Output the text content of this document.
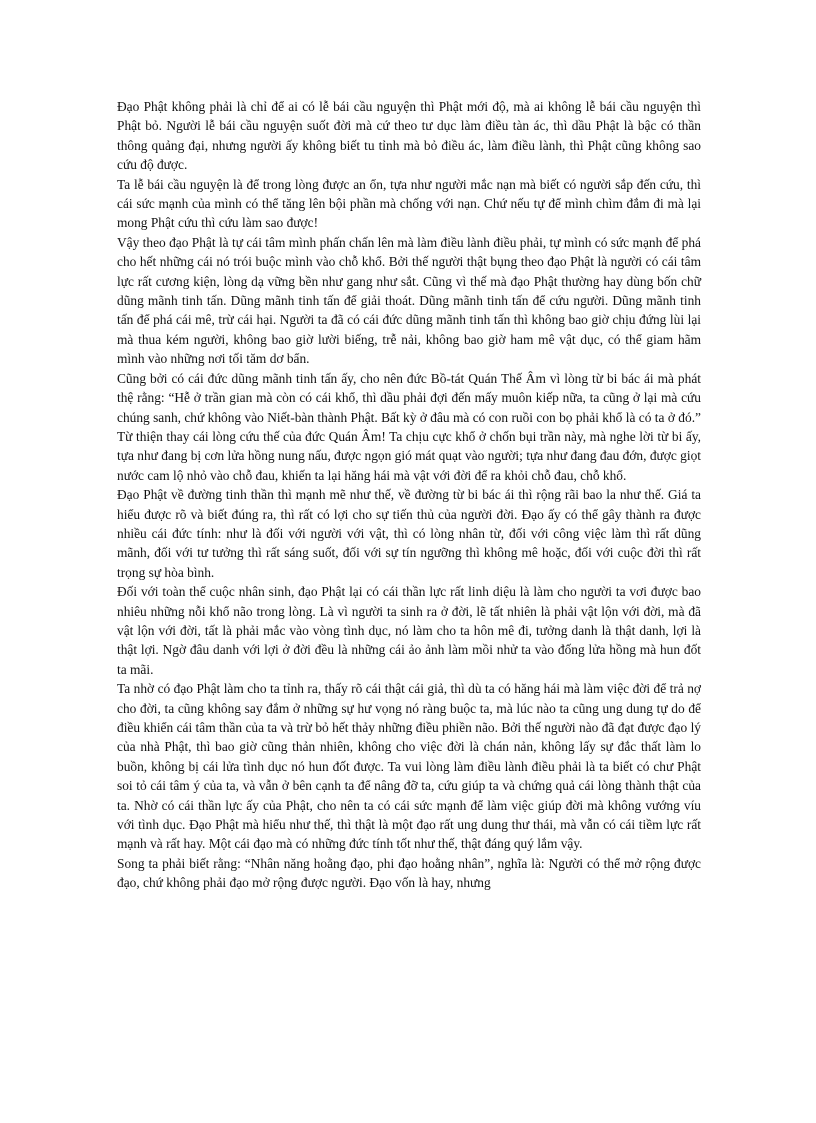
Đạo Phật không phải là chỉ để ai có lễ bái cầu nguyện thì Phật mới độ, mà ai không lễ bái cầu nguyện thì Phật bỏ. Người lễ bái cầu nguyện suốt đời mà cứ theo tư dục làm điều tàn ác, thì dầu Phật là bậc có thần thông quảng đại, nhưng người ấy không biết tu tỉnh mà bỏ điều ác, làm điều lành, thì Phật cũng không sao cứu độ được.

Ta lễ bái cầu nguyện là để trong lòng được an ổn, tựa như người mắc nạn mà biết có người sắp đến cứu, thì cái sức mạnh của mình có thể tăng lên bội phần mà chống với nạn. Chứ nếu tự để mình chìm đắm đi mà lại mong Phật cứu thì cứu làm sao được!

Vậy theo đạo Phật là tự cái tâm mình phấn chấn lên mà làm điều lành điều phải, tự mình có sức mạnh để phá cho hết những cái nó trói buộc mình vào chỗ khổ. Bởi thế người thật bụng theo đạo Phật là người có cái tâm lực rất cương kiện, lòng dạ vững bền như gang như sắt. Cũng vì thế mà đạo Phật thường hay dùng bốn chữ dũng mãnh tinh tấn. Dũng mãnh tinh tấn để giải thoát. Dũng mãnh tinh tấn để cứu người. Dũng mãnh tinh tấn để phá cái mê, trừ cái hại. Người ta đã có cái đức dũng mãnh tinh tấn thì không bao giờ chịu đứng lùi lại mà thua kém người, không bao giờ lười biếng, trễ nải, không bao giờ ham mê vật dục, có thể giam hãm mình vào những nơi tối tăm dơ bẩn.

Cũng bởi có cái đức dũng mãnh tinh tấn ấy, cho nên đức Bồ-tát Quán Thế Âm vì lòng từ bi bác ái mà phát thệ rằng: “Hễ ở trần gian mà còn có cái khổ, thì dầu phải đợi đến mấy muôn kiếp nữa, ta cũng ở lại mà cứu chúng sanh, chứ không vào Niết-bàn thành Phật. Bất kỳ ở đâu mà có con ruồi con bọ phải khổ là có ta ở đó.” Từ thiện thay cái lòng cứu thế của đức Quán Âm! Ta chịu cực khổ ở chốn bụi trần này, mà nghe lời từ bi ấy, tựa như đang bị cơn lửa hồng nung nấu, được ngọn gió mát quạt vào người; tựa như đang đau đớn, được giọt nước cam lộ nhỏ vào chỗ đau, khiến ta lại hăng hái mà vật với đời để ra khỏi chỗ đau, chỗ khổ.

Đạo Phật về đường tinh thần thì mạnh mẽ như thế, về đường từ bi bác ái thì rộng rãi bao la như thế. Giá ta hiểu được rõ và biết đúng ra, thì rất có lợi cho sự tiến thủ của người đời. Đạo ấy có thể gây thành ra được nhiều cái đức tính: như là đối với người với vật, thì có lòng nhân từ, đối với công việc làm thì rất dũng mãnh, đối với tư tưởng thì rất sáng suốt, đối với sự tín ngưỡng thì không mê hoặc, đối với cuộc đời thì rất trọng sự hòa bình.

Đối với toàn thể cuộc nhân sinh, đạo Phật lại có cái thần lực rất linh diệu là làm cho người ta vơi được bao nhiêu những nỗi khổ não trong lòng. Là vì người ta sinh ra ở đời, lẽ tất nhiên là phải vật lộn với đời, mà đã vật lộn với đời, tất là phải mắc vào vòng tình dục, nó làm cho ta hôn mê đi, tưởng danh là thật danh, lợi là thật lợi. Ngờ đâu danh với lợi ở đời đều là những cái ảo ảnh làm mồi nhử ta vào đống lửa hồng mà hun đốt ta mãi.

Ta nhờ có đạo Phật làm cho ta tỉnh ra, thấy rõ cái thật cái giả, thì dù ta có hăng hái mà làm việc đời để trả nợ cho đời, ta cũng không say đắm ở những sự hư vọng nó ràng buộc ta, mà lúc nào ta cũng ung dung tự do để điều khiển cái tâm thần của ta và trừ bỏ hết thảy những điều phiền não. Bởi thế người nào đã đạt được đạo lý của nhà Phật, thì bao giờ cũng thản nhiên, không cho việc đời là chán nản, không lấy sự đắc thất làm lo buồn, không bị cái lửa tình dục nó hun đốt được. Ta vui lòng làm điều lành điều phải là ta biết có chư Phật soi tỏ cái tâm ý của ta, và vẫn ở bên cạnh ta để nâng đỡ ta, cứu giúp ta và chứng quả cái lòng thành thật của ta. Nhờ có cái thần lực ấy của Phật, cho nên ta có cái sức mạnh để làm việc giúp đời mà không vướng víu với tình dục. Đạo Phật mà hiểu như thế, thì thật là một đạo rất ung dung thư thái, mà vẫn có cái tiềm lực rất mạnh và rất hay. Một cái đạo mà có những đức tính tốt như thế, thật đáng quý lắm vậy.

Song ta phải biết rằng: “Nhân năng hoằng đạo, phi đạo hoằng nhân”, nghĩa là: Người có thể mở rộng được đạo, chứ không phải đạo mở rộng được người. Đạo vốn là hay, nhưng
